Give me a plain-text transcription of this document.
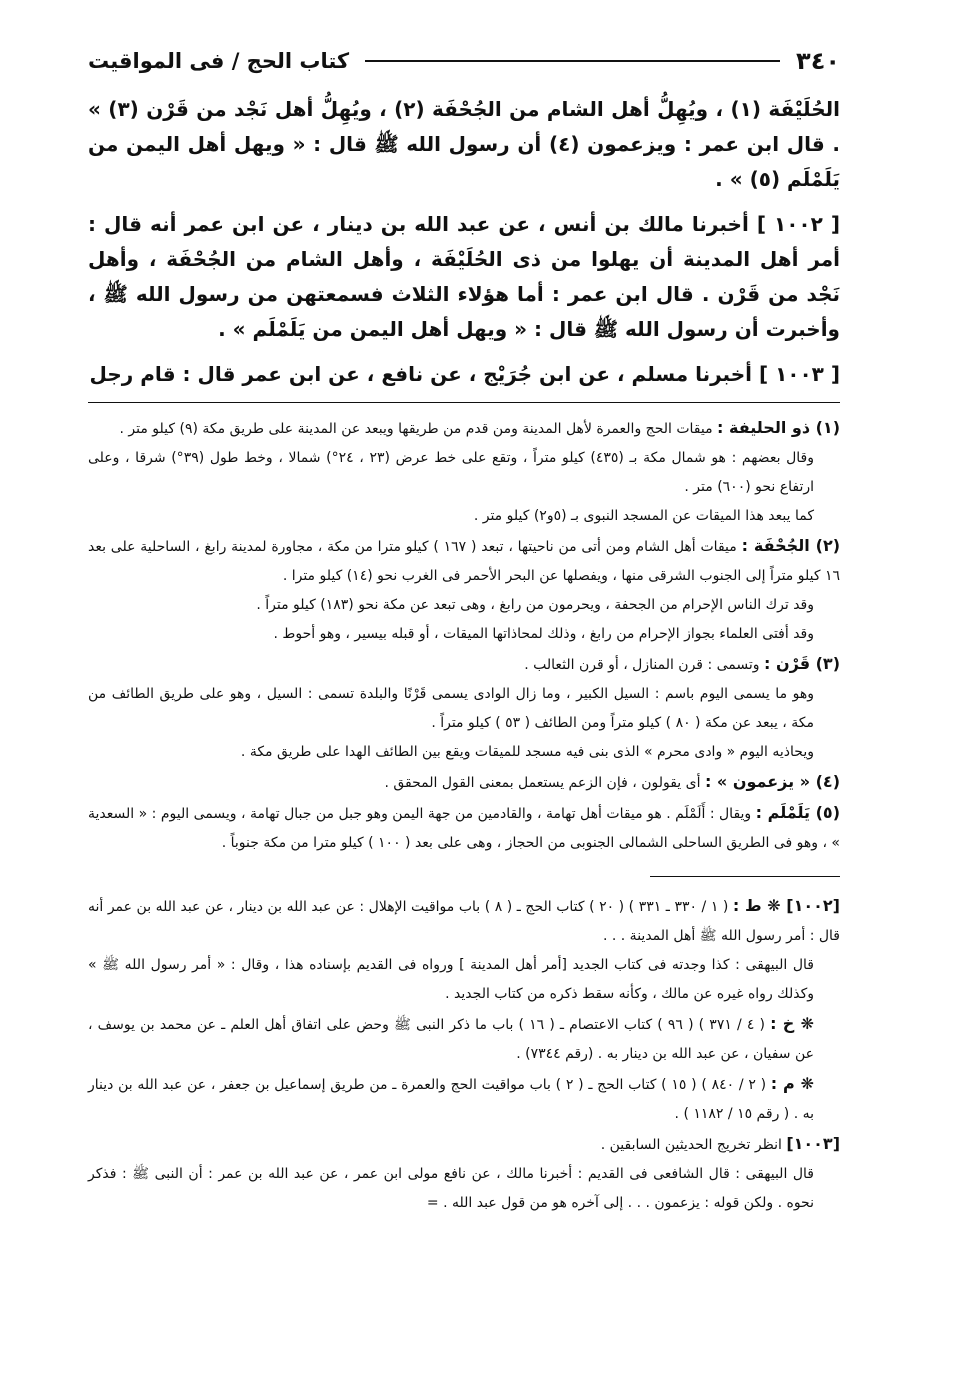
٣٤٠
كتاب الحج / فى المواقيت

الحُلَيْفَة (١) ، ويُهِلُّ أهل الشام من الجُحْفَة (٢) ، ويُهِلُّ أهل نَجْد من قَرْن (٣) » . قال ابن عمر : ويزعمون (٤) أن رسول الله ﷺ قال : « ويهل أهل اليمن من يَلَمْلَم (٥) » .

[ ١٠٠٢ ] أخبرنا مالك بن أنس ، عن عبد الله بن دينار ، عن ابن عمر أنه قال : أمر أهل المدينة أن يهلوا من ذى الحُلَيْفَة ، وأهل الشام من الجُحْفَة ، وأهل نَجْد من قَرْن . قال ابن عمر : أما هؤلاء الثلاث فسمعتهن من رسول الله ﷺ ، وأخبرت أن رسول الله ﷺ قال : « ويهل أهل اليمن من يَلَمْلَم » .

[ ١٠٠٣ ] أخبرنا مسلم ، عن ابن جُرَيْج ، عن نافع ، عن ابن عمر قال : قام رجل

(١) ذو الحليفة : ميقات الحج والعمرة لأهل المدينة ومن قدم من طريقها ويبعد عن المدينة على طريق مكة (٩) كيلو متر .

وقال بعضهم : هو شمال مكة بـ (٤٣٥) كيلو متراً ، وتقع على خط عرض (٢٣ ، ٢٤°) شمالا ، وخط طول (٣٩°) شرقا ، وعلى ارتفاع نحو (٦٠٠) متر .

كما يبعد هذا الميقات عن المسجد النبوى بـ (٥و٢) كيلو متر .

(٢) الجُحْفَة : ميقات أهل الشام ومن أتى من ناحيتها ، تبعد ( ١٦٧ ) كيلو مترا من مكة ، مجاورة لمدينة رابغ ، الساحلية على بعد ١٦ كيلو متراً إلى الجنوب الشرقى منها ، ويفصلها عن البحر الأحمر فى الغرب نحو (١٤) كيلو مترا .

وقد ترك الناس الإحرام من الجحفة ، ويحرمون من رابغ ، وهى تبعد عن مكة نحو (١٨٣) كيلو متراً .

وقد أفتى العلماء بجواز الإحرام من رابغ ، وذلك لمحاذاتها الميقات ، أو قبله بيسير ، وهو أحوط .

(٣) قَرْن : وتسمى : قرن المنازل ، أو قرن الثعالب .

وهو ما يسمى اليوم باسم : السيل الكبير ، وما زال الوادى يسمى قَرْنًا والبلدة تسمى : السيل ، وهو على طريق الطائف من مكة ، يبعد عن مكة ( ٨٠ ) كيلو متراً ومن الطائف ( ٥٣ ) كيلو متراً .

ويحاذيه اليوم « وادى محرم » الذى بنى فيه مسجد للميقات ويقع بين الطائف الهدا على طريق مكة .

(٤) « يزعمون » : أى يقولون ، فإن الزعم يستعمل بمعنى القول المحقق .

(٥) يَلَمْلَم : ويقال : أَلَمْلَم . هو ميقات أهل تهامة ، والقادمين من جهة اليمن وهو جبل من جبال تهامة ، ويسمى اليوم : « السعدية » ، وهو فى الطريق الساحلى الشمالى الجنوبى من الحجاز ، وهى على بعد ( ١٠٠ ) كيلو مترا من مكة جنوباً .

[١٠٠٢] ❋ ط : ( ١ / ٣٣٠ ـ ٣٣١ ) ( ٢٠ ) كتاب الحج ـ ( ٨ ) باب مواقيت الإهلال : عن عبد الله بن دينار ، عن عبد الله بن عمر أنه قال : أمر رسول الله ﷺ أهل المدينة . . .

قال البيهقى : كذا وجدته فى كتاب الجديد [أمر أهل المدينة ] ورواه فى القديم بإسناده هذا ، وقال : « أمر رسول الله ﷺ » وكذلك رواه غيره عن مالك ، وكأنه سقط ذكره من كتاب الجديد .

❋ خ : ( ٤ / ٣٧١ ) ( ٩٦ ) كتاب الاعتصام ـ ( ١٦ ) باب ما ذكر النبى ﷺ وحض على اتفاق أهل العلم ـ عن محمد بن يوسف ، عن سفيان ، عن عبد الله بن دينار به . (رقم ٧٣٤٤) .

❋ م : ( ٢ / ٨٤٠ ) ( ١٥ ) كتاب الحج ـ ( ٢ ) باب مواقيت الحج والعمرة ـ من طريق إسماعيل بن جعفر ، عن عبد الله بن دينار به . ( رقم ١٥ / ١١٨٢ ) .

[١٠٠٣] انظر تخريج الحديثين السابقين .

قال البيهقى : قال الشافعى فى القديم : أخبرنا مالك ، عن نافع مولى ابن عمر ، عن عبد الله بن عمر : أن النبى ﷺ : فذكر نحوه . ولكن قوله : يزعمون . . . إلى آخره هو من قول عبد الله . =
